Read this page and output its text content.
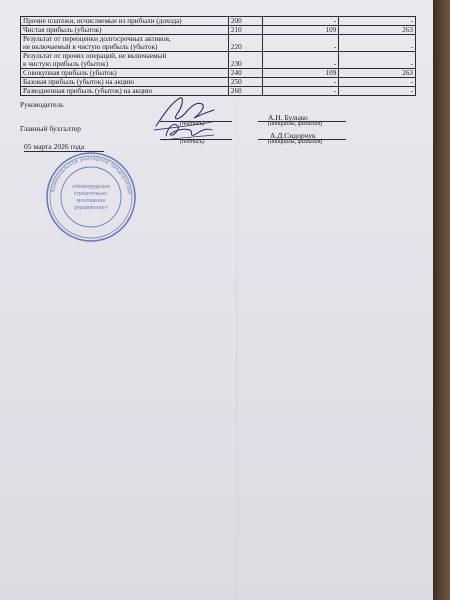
Прочие платежи, исчисляемые из прибыли (дохода)	200	-	-

Чистая прибыль (убыток)	210	109	263

Результат от переоценки долгосрочных активов,
не включаемый в чистую прибыль (убыток)	220	-	-

Результат от прочих операций, не включаемый
в чистую прибыль (убыток)	230	-	-

Совокупная прибыль (убыток)	240	109	263

Базовая прибыль (убыток) на акцию	250	-	-

Разводненная прибыль (убыток) на акцию	260	-	-
Руководитель
А.Н. Булыко
(подпись)	(инициалы, фамилия)
Главный бухгалтер
А.Д.Сидорчук
(подпись)	(инициалы, фамилия)
05 марта 2026 года
Коммунальное унитарное предприятие
«Новогрудское строительно-монтажное управление»
